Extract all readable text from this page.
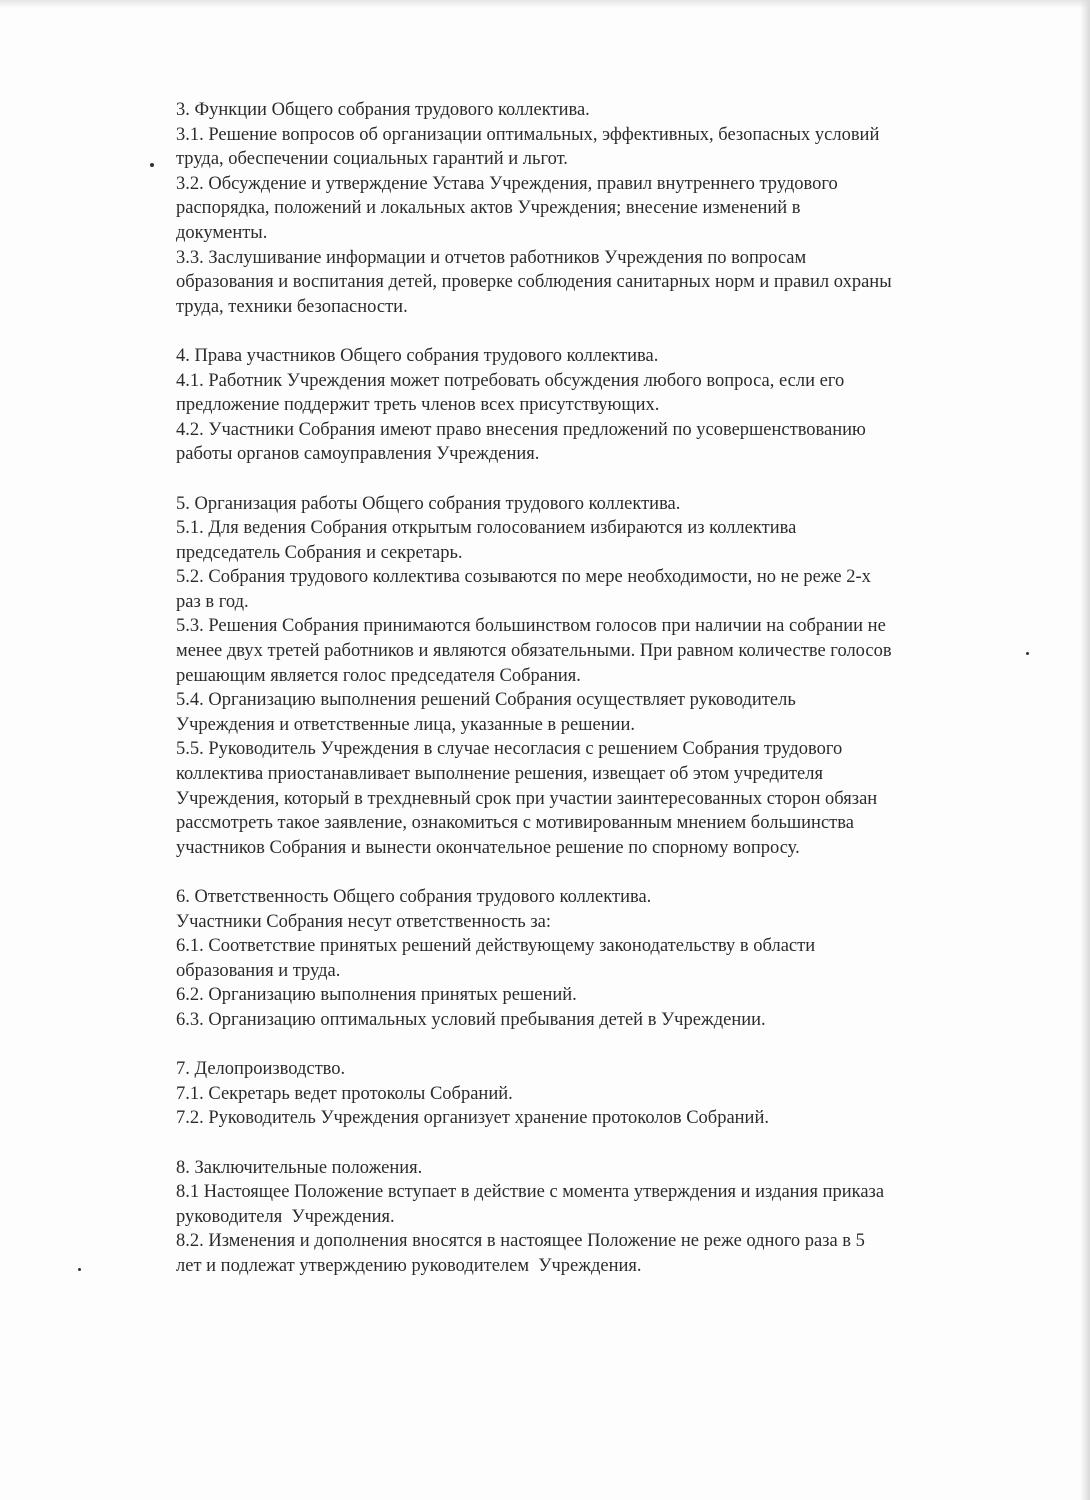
3. Функции Общего собрания трудового коллектива.
3.1. Решение вопросов об организации оптимальных, эффективных, безопасных условий
труда, обеспечении социальных гарантий и льгот.
3.2. Обсуждение и утверждение Устава Учреждения, правил внутреннего трудового
распорядка, положений и локальных актов Учреждения; внесение изменений в
документы.
3.3. Заслушивание информации и отчетов работников Учреждения по вопросам
образования и воспитания детей, проверке соблюдения санитарных норм и правил охраны
труда, техники безопасности.
4. Права участников Общего собрания трудового коллектива.
4.1. Работник Учреждения может потребовать обсуждения любого вопроса, если его
предложение поддержит треть членов всех присутствующих.
4.2. Участники Собрания имеют право внесения предложений по усовершенствованию
работы органов самоуправления Учреждения.
5. Организация работы Общего собрания трудового коллектива.
5.1. Для ведения Собрания открытым голосованием избираются из коллектива
председатель Собрания и секретарь.
5.2. Собрания трудового коллектива созываются по мере необходимости, но не реже 2-х
раз в год.
5.3. Решения Собрания принимаются большинством голосов при наличии на собрании не
менее двух третей работников и являются обязательными. При равном количестве голосов
решающим является голос председателя Собрания.
5.4. Организацию выполнения решений Собрания осуществляет руководитель
Учреждения и ответственные лица, указанные в решении.
5.5. Руководитель Учреждения в случае несогласия с решением Собрания трудового
коллектива приостанавливает выполнение решения, извещает об этом учредителя
Учреждения, который в трехдневный срок при участии заинтересованных сторон обязан
рассмотреть такое заявление, ознакомиться с мотивированным мнением большинства
участников Собрания и вынести окончательное решение по спорному вопросу.
6. Ответственность Общего собрания трудового коллектива.
Участники Собрания несут ответственность за:
6.1. Соответствие принятых решений действующему законодательству в области
образования и труда.
6.2. Организацию выполнения принятых решений.
6.3. Организацию оптимальных условий пребывания детей в Учреждении.
7. Делопроизводство.
7.1. Секретарь ведет протоколы Собраний.
7.2. Руководитель Учреждения организует хранение протоколов Собраний.
8. Заключительные положения.
8.1 Настоящее Положение вступает в действие с момента утверждения и издания приказа
руководителя  Учреждения.
8.2. Изменения и дополнения вносятся в настоящее Положение не реже одного раза в 5
лет и подлежат утверждению руководителем  Учреждения.
